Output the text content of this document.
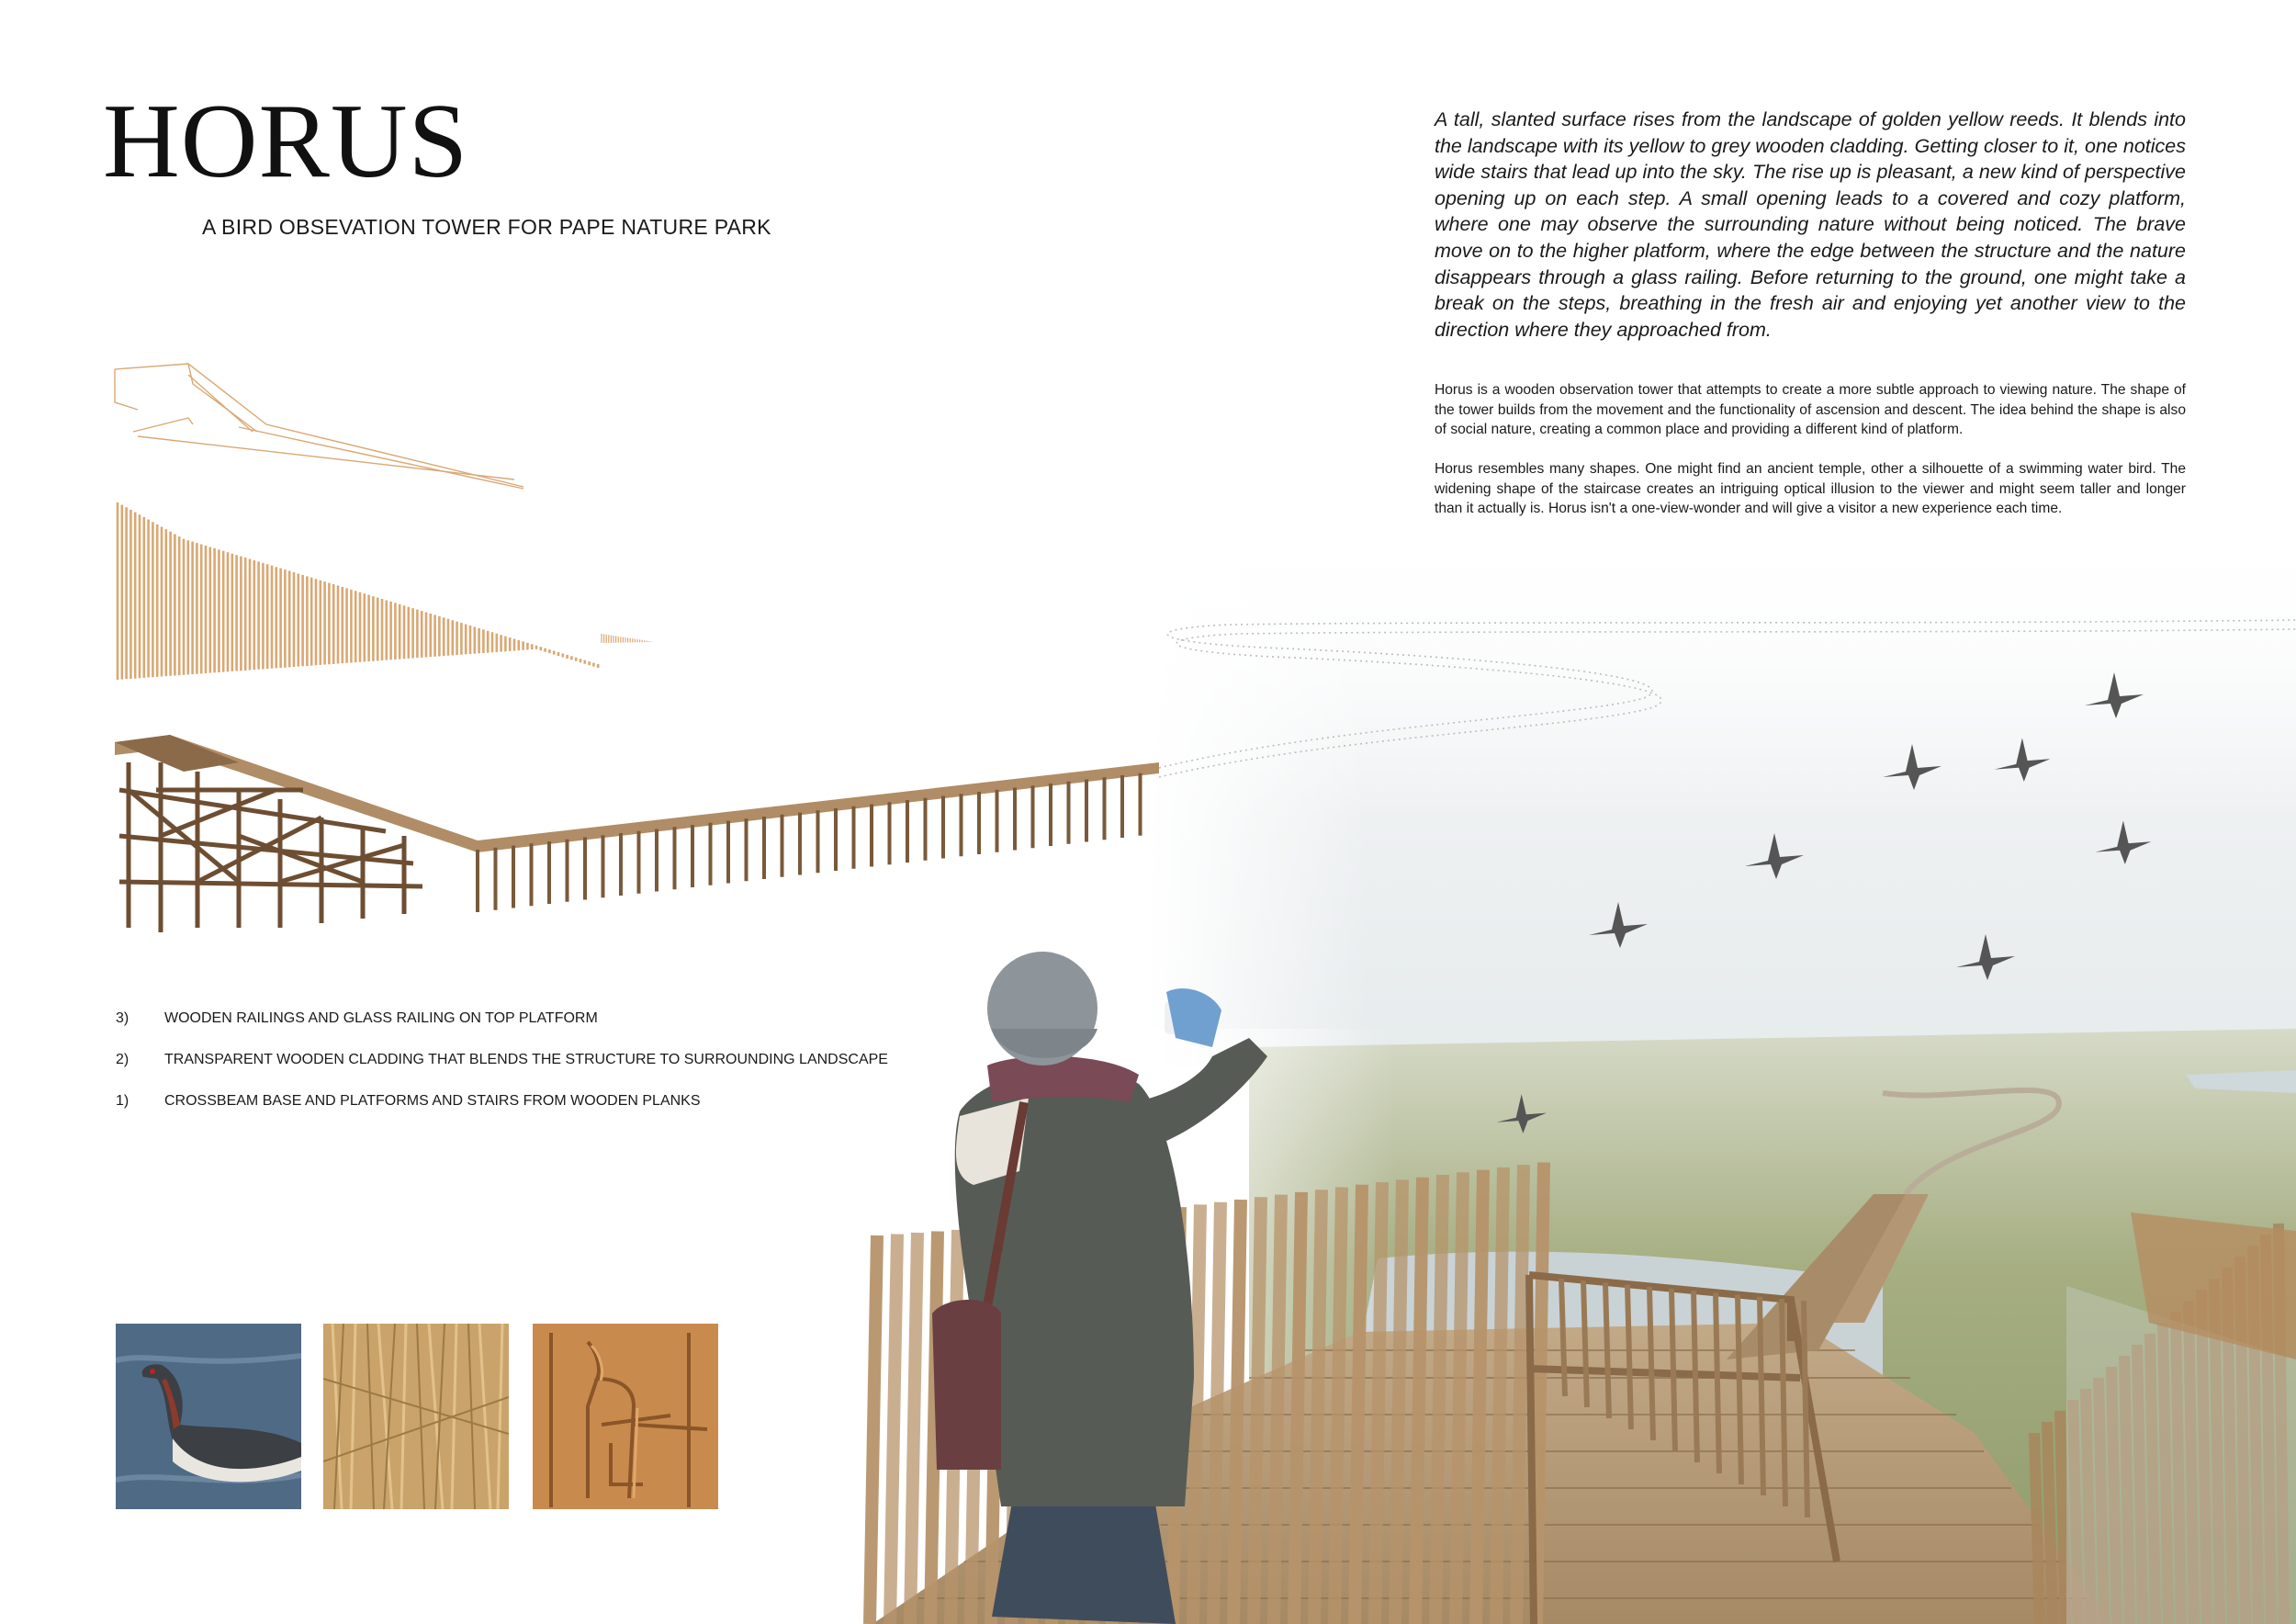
HORUS
A BIRD OBSEVATION TOWER FOR PAPE NATURE PARK

A tall, slanted surface rises from the landscape of golden yellow reeds. It blends into the landscape with its yellow to grey wooden cladding. Getting closer to it, one notices wide stairs that lead up into the sky. The rise up is pleasant, a new kind of perspective opening up on each step. A small opening leads to a covered and cozy platform, where one may observe the surrounding nature without being noticed. The brave move on to the higher platform, where the edge between the structure and the nature disappears through a glass railing. Before returning to the ground, one might take a break on the steps, breathing in the fresh air and enjoying yet another view to the direction where they approached from.

Horus is a wooden observation tower that attempts to create a more subtle approach to viewing nature. The shape of the tower builds from the movement and the functionality of ascension and descent. The idea behind the shape is also of social nature, creating a common place and providing a different kind of platform.

Horus resembles many shapes. One might find an ancient temple, other a silhouette of a swimming water bird. The widening shape of the staircase creates an intriguing optical illusion to the viewer and might seem taller and longer than it actually is. Horus isn't a one-view-wonder and will give a visitor a new experience each time.

3) WOODEN RAILINGS AND GLASS RAILING ON TOP PLATFORM
2) TRANSPARENT WOODEN CLADDING THAT BLENDS THE STRUCTURE TO SURROUNDING LANDSCAPE
1) CROSSBEAM BASE AND PLATFORMS AND STAIRS FROM WOODEN PLANKS
